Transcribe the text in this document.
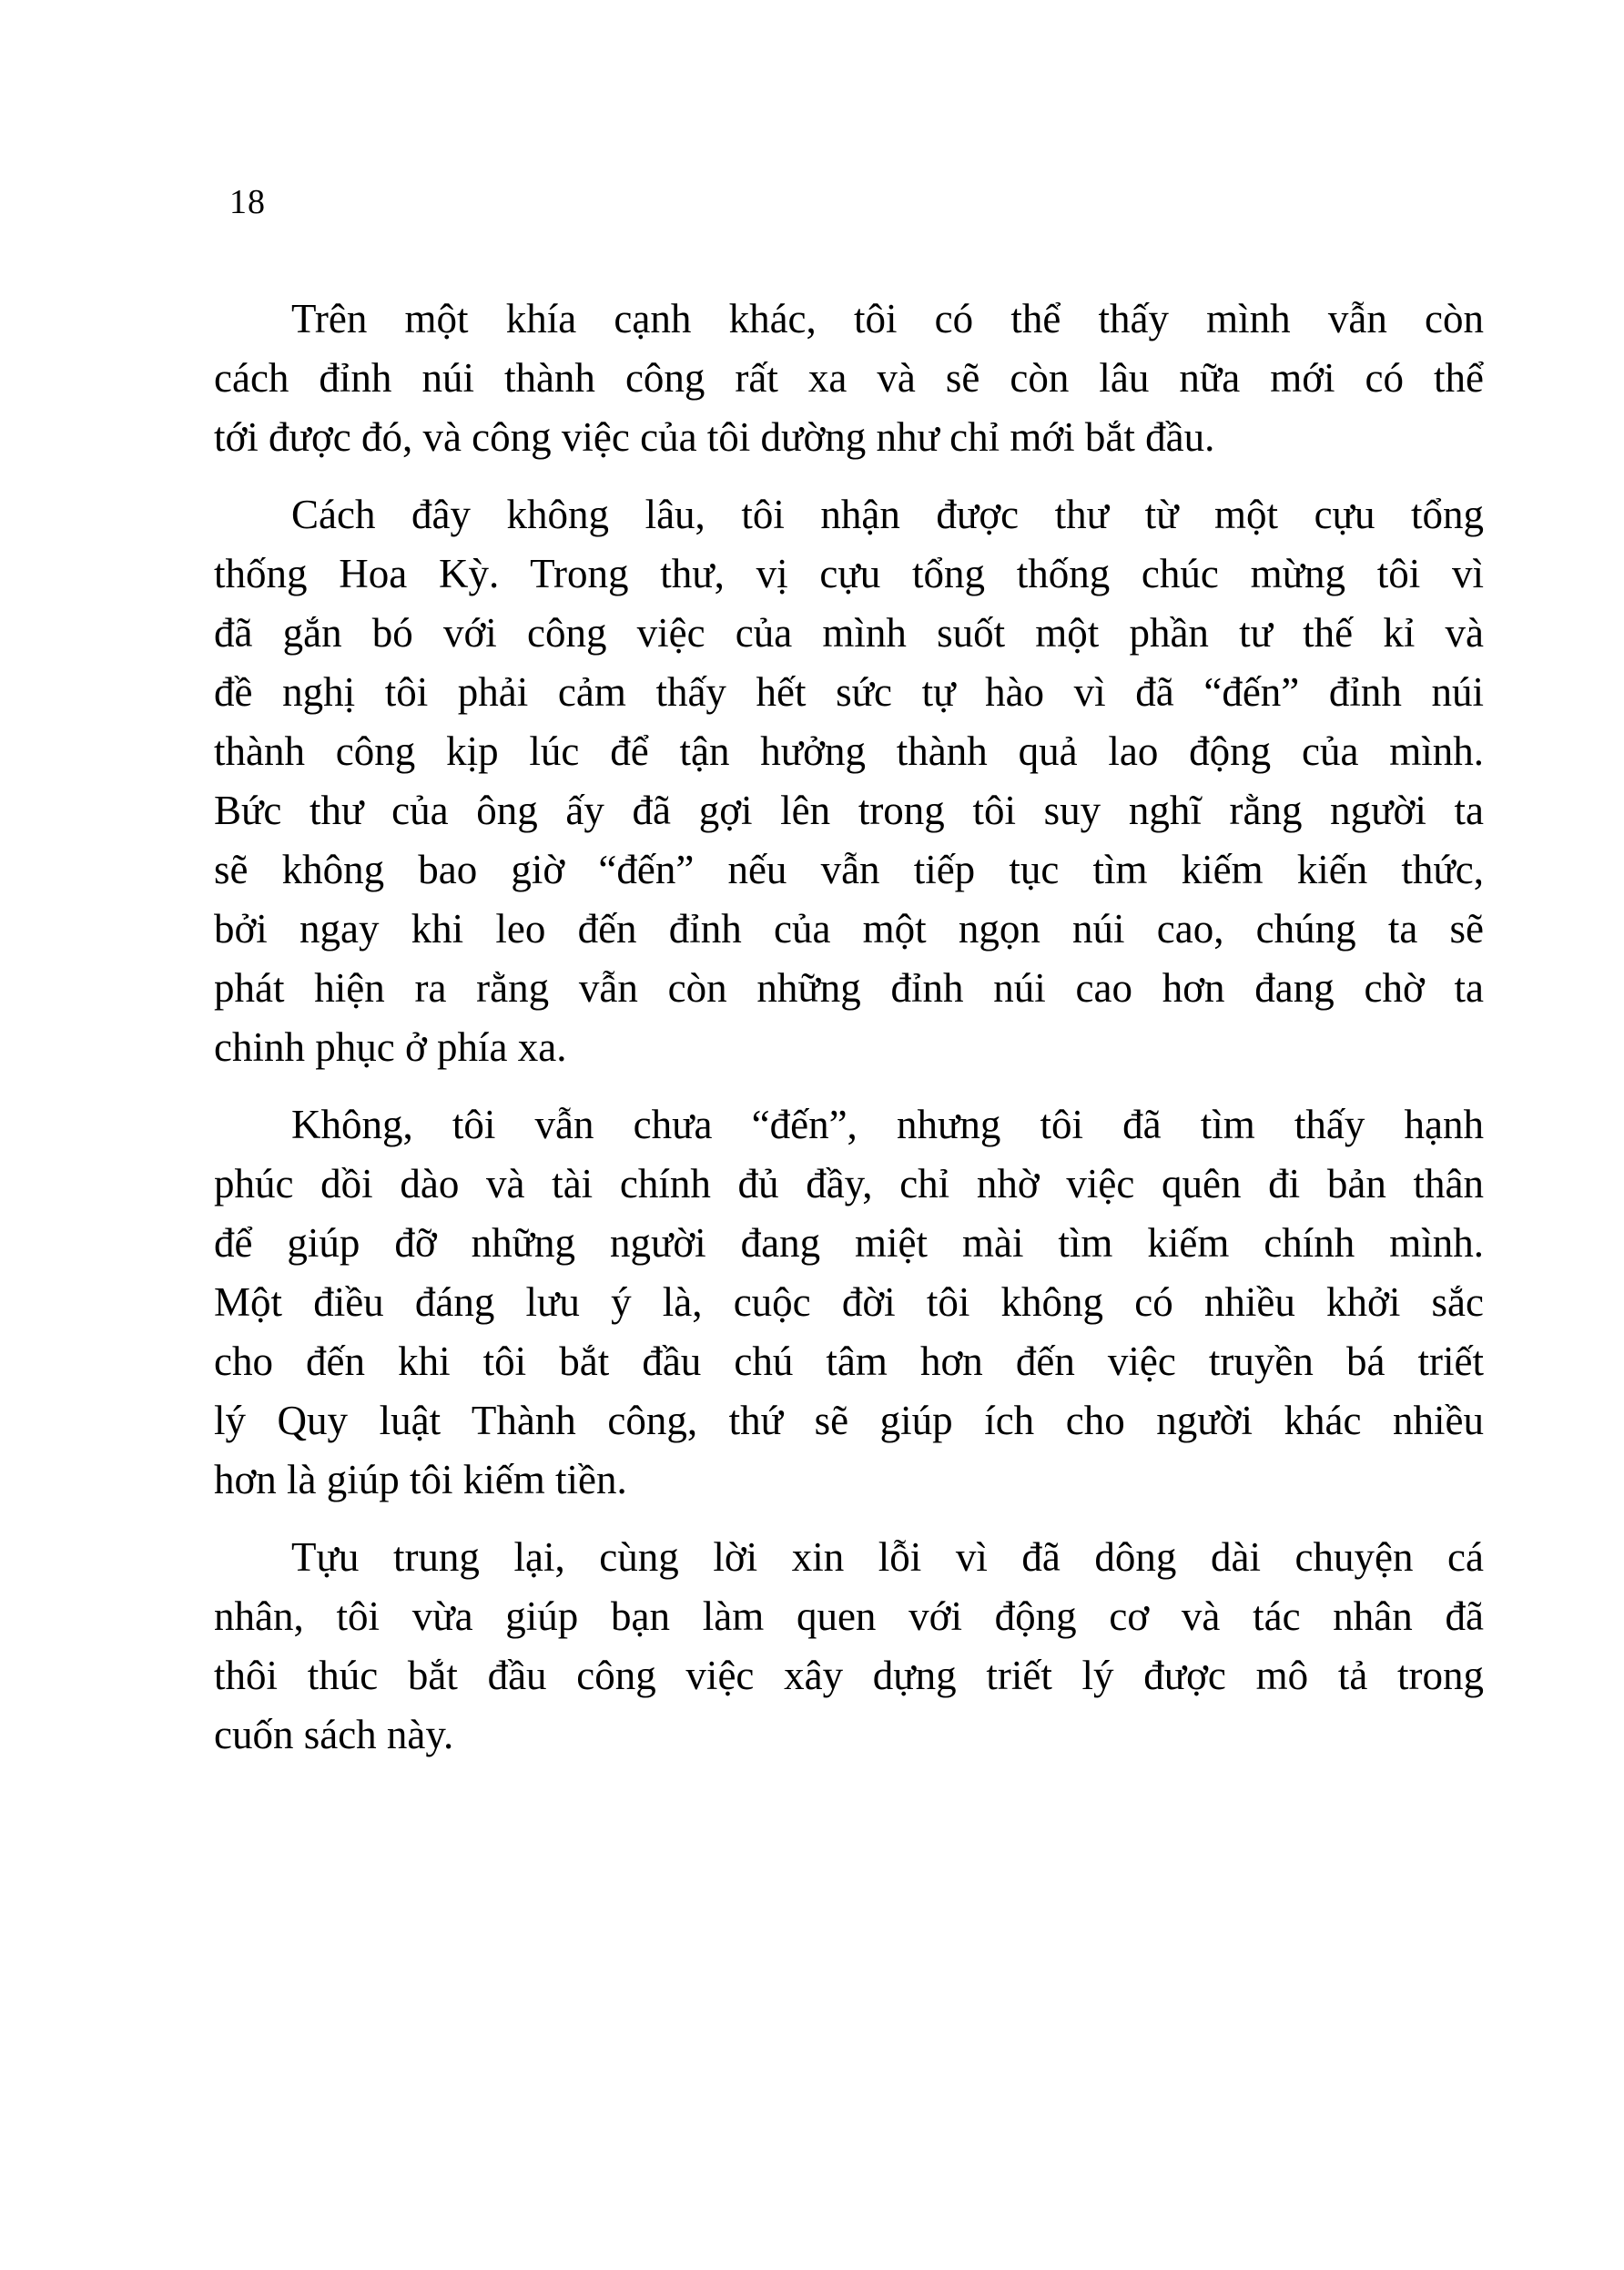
18
Trên một khía cạnh khác, tôi có thể thấy mình vẫn còn
cách đỉnh núi thành công rất xa và sẽ còn lâu nữa mới có thể
tới được đó, và công việc của tôi dường như chỉ mới bắt đầu.
Cách đây không lâu, tôi nhận được thư từ một cựu tổng
thống Hoa Kỳ. Trong thư, vị cựu tổng thống chúc mừng tôi vì
đã gắn bó với công việc của mình suốt một phần tư thế kỉ và
đề nghị tôi phải cảm thấy hết sức tự hào vì đã “đến” đỉnh núi
thành công kịp lúc để tận hưởng thành quả lao động của mình.
Bức thư của ông ấy đã gợi lên trong tôi suy nghĩ rằng người ta
sẽ không bao giờ “đến” nếu vẫn tiếp tục tìm kiếm kiến thức,
bởi ngay khi leo đến đỉnh của một ngọn núi cao, chúng ta sẽ
phát hiện ra rằng vẫn còn những đỉnh núi cao hơn đang chờ ta
chinh phục ở phía xa.
Không, tôi vẫn chưa “đến”, nhưng tôi đã tìm thấy hạnh
phúc dồi dào và tài chính đủ đầy, chỉ nhờ việc quên đi bản thân
để giúp đỡ những người đang miệt mài tìm kiếm chính mình.
Một điều đáng lưu ý là, cuộc đời tôi không có nhiều khởi sắc
cho đến khi tôi bắt đầu chú tâm hơn đến việc truyền bá triết
lý Quy luật Thành công, thứ sẽ giúp ích cho người khác nhiều
hơn là giúp tôi kiếm tiền.
Tựu trung lại, cùng lời xin lỗi vì đã dông dài chuyện cá
nhân, tôi vừa giúp bạn làm quen với động cơ và tác nhân đã
thôi thúc bắt đầu công việc xây dựng triết lý được mô tả trong
cuốn sách này.
